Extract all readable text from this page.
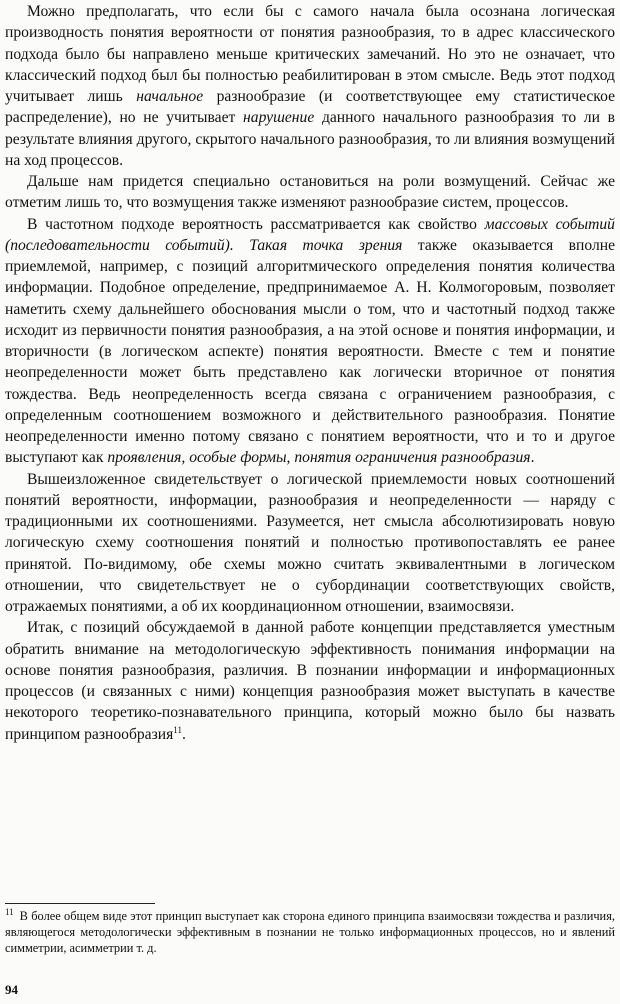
Можно предполагать, что если бы с самого начала была осознана логическая производность понятия вероятности от понятия разнообразия, то в адрес классического подхода было бы направлено меньше критических замечаний. Но это не означает, что классический подход был бы полностью реабилитирован в этом смысле. Ведь этот подход учитывает лишь начальное разнообразие (и соответствующее ему статистическое распределение), но не учитывает нарушение данного начального разнообразия то ли в результате влияния другого, скрытого начального разнообразия, то ли влияния возмущений на ход процессов.

Дальше нам придется специально остановиться на роли возмущений. Сейчас же отметим лишь то, что возмущения также изменяют разнообразие систем, процессов.

В частотном подходе вероятность рассматривается как свойство массовых событий (последовательности событий). Такая точка зрения также оказывается вполне приемлемой, например, с позиций алгоритмического определения понятия количества информации. Подобное определение, предпринимаемое А. Н. Колмогоровым, позволяет наметить схему дальнейшего обоснования мысли о том, что и частотный подход также исходит из первичности понятия разнообразия, а на этой основе и понятия информации, и вторичности (в логическом аспекте) понятия вероятности. Вместе с тем и понятие неопределенности может быть представлено как логически вторичное от понятия тождества. Ведь неопределенность всегда связана с ограничением разнообразия, с определенным соотношением возможного и действительного разнообразия. Понятие неопределенности именно потому связано с понятием вероятности, что и то и другое выступают как проявления, особые формы, понятия ограничения разнообразия.

Вышеизложенное свидетельствует о логической приемлемости новых соотношений понятий вероятности, информации, разнообразия и неопределенности — наряду с традиционными их соотношениями. Разумеется, нет смысла абсолютизировать новую логическую схему соотношения понятий и полностью противопоставлять ее ранее принятой. По-видимому, обе схемы можно считать эквивалентными в логическом отношении, что свидетельствует не о субординации соответствующих свойств, отражаемых понятиями, а об их координационном отношении, взаимосвязи.

Итак, с позиций обсуждаемой в данной работе концепции представляется уместным обратить внимание на методологическую эффективность понимания информации на основе понятия разнообразия, различия. В познании информации и информационных процессов (и связанных с ними) концепция разнообразия может выступать в качестве некоторого теоретико-познавательного принципа, который можно было бы назвать принципом разнообразия$^{11}$.

$^{11}$ В более общем виде этот принцип выступает как сторона единого принципа взаимосвязи тождества и различия, являющегося методологически эффективным в познании не только информационных процессов, но и явлений симметрии, асимметрии т. д.
94
